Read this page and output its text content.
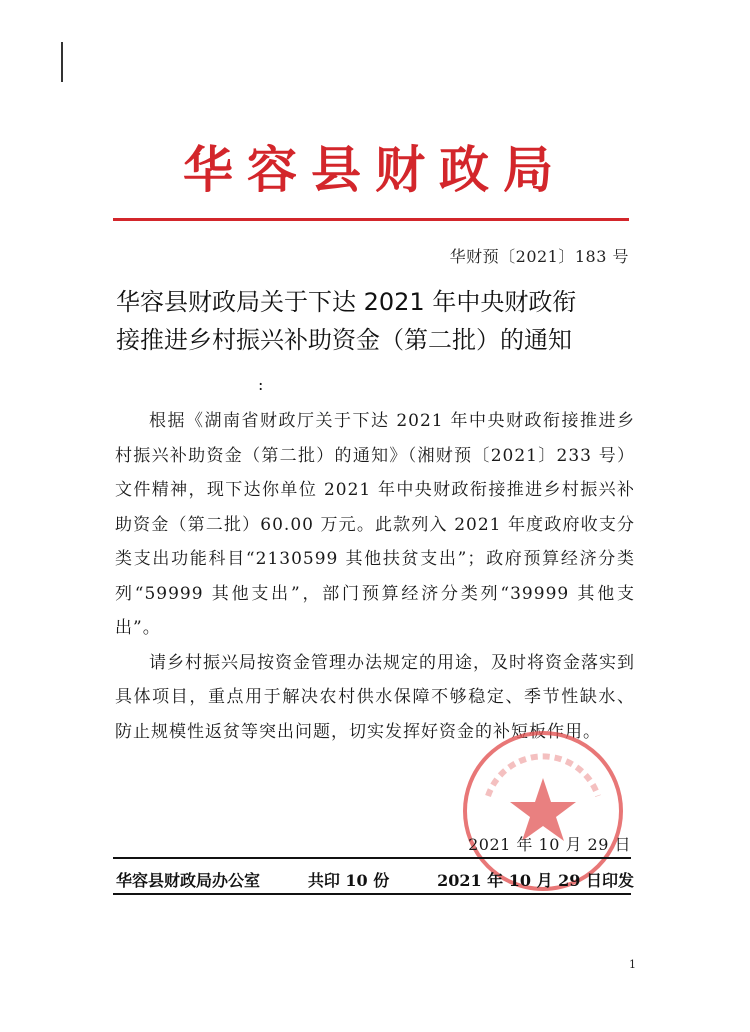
华容县财政局
华财预〔2021〕183 号
华容县财政局关于下达 2021 年中央财政衔
接推进乡村振兴补助资金（第二批）的通知
:

根据《湖南省财政厅关于下达 2021 年中央财政衔接推进乡村振兴补助资金（第二批）的通知》（湘财预〔2021〕233 号）文件精神，现下达你单位 2021 年中央财政衔接推进乡村振兴补助资金（第二批）60.00 万元。此款列入 2021 年度政府收支分类支出功能科目“2130599 其他扶贫支出”；政府预算经济分类列“59999 其他支出”，部门预算经济分类列“39999 其他支出”。

请乡村振兴局按资金管理办法规定的用途，及时将资金落实到具体项目，重点用于解决农村供水保障不够稳定、季节性缺水、防止规模性返贫等突出问题，切实发挥好资金的补短板作用。

2021 年 10 月 29 日
华容县财政局办公室	共印 10 份	2021 年 10 月 29 日印发
1
